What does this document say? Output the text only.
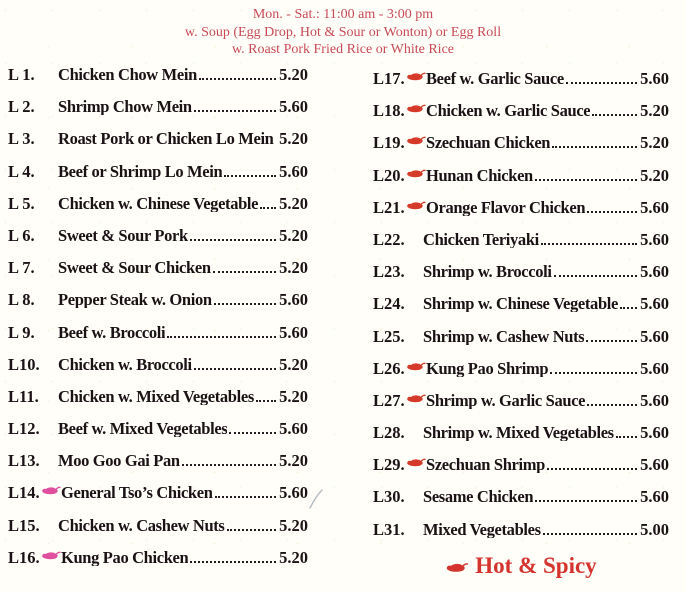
Mon. - Sat.: 11:00 am - 3:00 pm
w. Soup (Egg Drop, Hot & Sour or Wonton) or Egg Roll
w. Roast Pork Fried Rice or White Rice
L 1.	Chicken Chow Mein	5.20
L 2.	Shrimp Chow Mein	5.60
L 3.	Roast Pork or Chicken Lo Mein 5.20
L 4.	Beef or Shrimp Lo Mein	5.60
L 5.	Chicken w. Chinese Vegetable 5.20
L 6.	Sweet & Sour Pork	5.20
L 7.	Sweet & Sour Chicken	5.20
L 8.	Pepper Steak w. Onion	5.60
L 9.	Beef w. Broccoli	5.60
L10. Chicken w. Broccoli	5.20
L11. Chicken w. Mixed Vegetables 5.20
L12. Beef w. Mixed Vegetables	5.60
L13. Moo Goo Gai Pan	5.20
L14. General Tso’s Chicken	5.60
L15. Chicken w. Cashew Nuts	5.20
L16. Kung Pao Chicken	5.20
L17. Beef w. Garlic Sauce	5.60
L18. Chicken w. Garlic Sauce	5.20
L19. Szechuan Chicken	5.20
L20. Hunan Chicken	5.20
L21. Orange Flavor Chicken	5.60
L22. Chicken Teriyaki	5.60
L23. Shrimp w. Broccoli	5.60
L24. Shrimp w. Chinese Vegetable 5.60
L25. Shrimp w. Cashew Nuts	5.60
L26. Kung Pao Shrimp	5.60
L27. Shrimp w. Garlic Sauce	5.60
L28. Shrimp w. Mixed Vegetables 5.60
L29. Szechuan Shrimp	5.60
L30. Sesame Chicken	5.60
L31. Mixed Vegetables	5.00
Hot & Spicy
